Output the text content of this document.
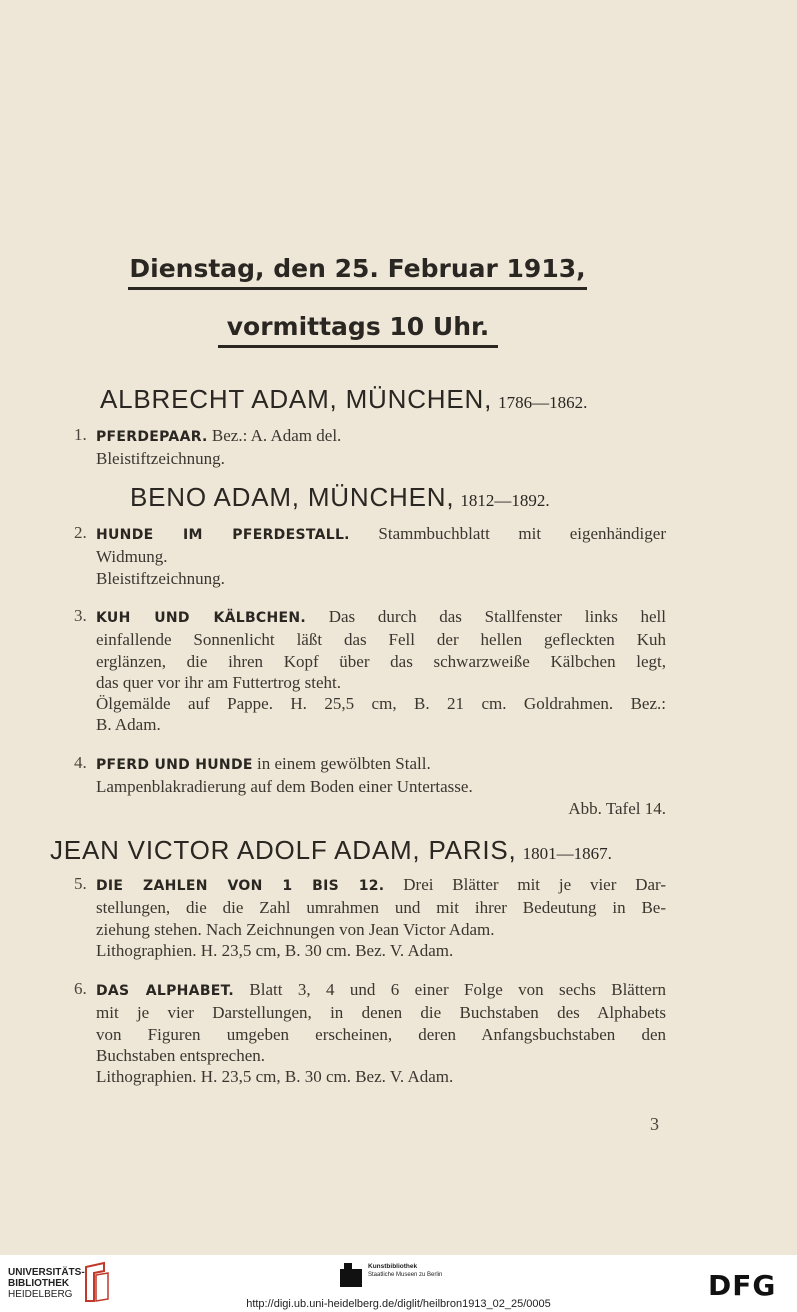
Dienstag, den 25. Februar 1913,
vormittags 10 Uhr.
ALBRECHT ADAM, MÜNCHEN, 1786—1862.
1. PFERDEPAAR. Bez.: A. Adam del.
Bleistiftzeichnung.
BENO ADAM, MÜNCHEN, 1812—1892.
2. HUNDE IM PFERDESTALL. Stammbuchblatt mit eigenhändiger
Widmung.
Bleistiftzeichnung.
3. KUH UND KÄLBCHEN. Das durch das Stallfenster links hell
einfallende Sonnenlicht läßt das Fell der hellen gefleckten Kuh
erglänzen, die ihren Kopf über das schwarzweiße Kälbchen legt,
das quer vor ihr am Futtertrog steht.
Ölgemälde auf Pappe. H. 25,5 cm, B. 21 cm. Goldrahmen. Bez.:
B. Adam.
4. PFERD UND HUNDE in einem gewölbten Stall.
Lampenblakradierung auf dem Boden einer Untertasse.
Abb. Tafel 14.
JEAN VICTOR ADOLF ADAM, PARIS, 1801—1867.
5. DIE ZAHLEN VON 1 BIS 12. Drei Blätter mit je vier Dar-
stellungen, die die Zahl umrahmen und mit ihrer Bedeutung in Be-
ziehung stehen. Nach Zeichnungen von Jean Victor Adam.
Lithographien. H. 23,5 cm, B. 30 cm. Bez. V. Adam.
6. DAS ALPHABET. Blatt 3, 4 und 6 einer Folge von sechs Blättern
mit je vier Darstellungen, in denen die Buchstaben des Alphabets
von Figuren umgeben erscheinen, deren Anfangsbuchstaben den
Buchstaben entsprechen.
Lithographien. H. 23,5 cm, B. 30 cm. Bez. V. Adam.
3
UNIVERSITÄTS-
BIBLIOTHEK
HEIDELBERG
Kunstbibliothek
Staatliche Museen zu Berlin	DFG
http://digi.ub.uni-heidelberg.de/diglit/heilbron1913_02_25/0005
